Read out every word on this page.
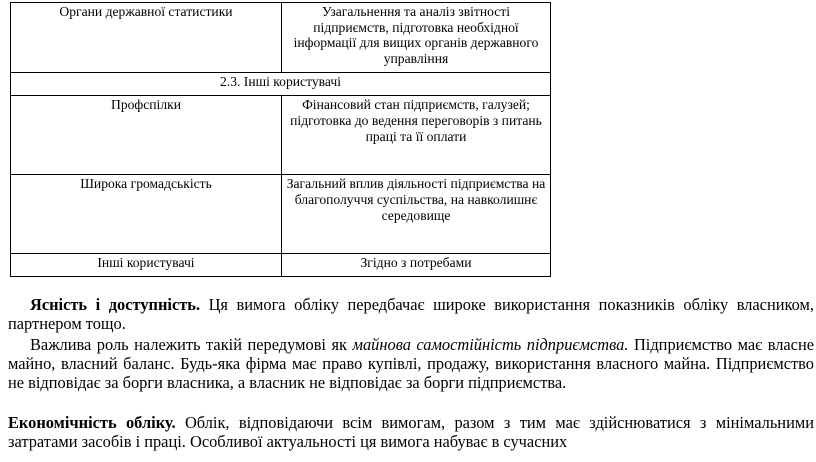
Органи державної статистики	Узагальнення та аналіз звітності підприємств, підготовка необхідної інформації для вищих органів державного управління
2.3. Інші користувачі	
Профспілки	Фінансовий стан підприємств, галузей; підготовка до ведення переговорів з питань праці та її оплати
Широка громадськість	Загальний вплив діяльності підприємства на благополуччя суспільства, на навколишнє середовище
Інші користувачі	Згідно з потребами

Ясність і доступність. Ця вимога обліку передбачає широке використання показників обліку власником, партнером тощо.

Важлива роль належить такій передумові як майнова самостійність підприємства. Підприємство має власне майно, власний баланс. Будь-яка фірма має право купівлі, продажу, використання власного майна. Підприємство не відповідає за борги власника, а власник не відповідає за борги підприємства.

Економічність обліку. Облік, відповідаючи всім вимогам, разом з тим має здійснюватися з мінімальними затратами засобів і праці. Особливої актуальності ця вимога набуває в сучасних
